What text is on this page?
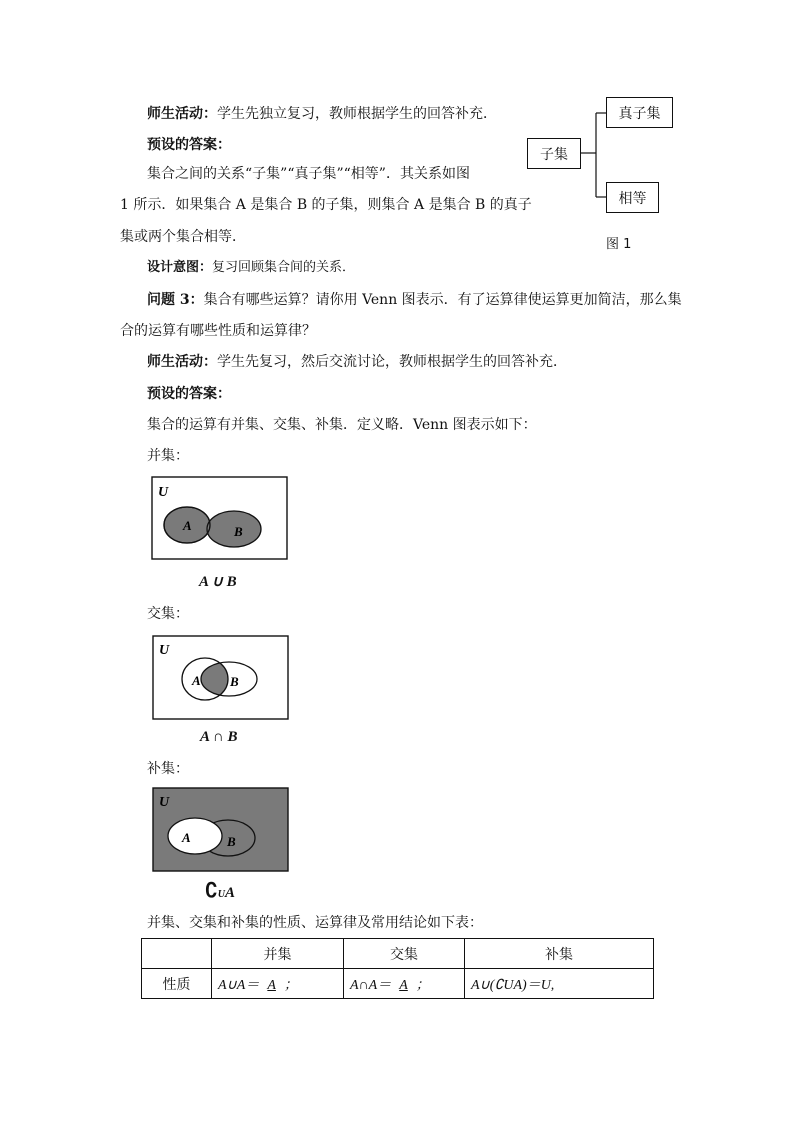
师生活动：学生先独立复习，教师根据学生的回答补充．
预设的答案：
集合之间的关系“子集”“真子集”“相等”．其关系如图
1 所示．如果集合 A 是集合 B 的子集，则集合 A 是集合 B 的真子
集或两个集合相等．
子集
真子集
相等
图 1
设计意图：复习回顾集合间的关系．
问题 3：集合有哪些运算？请你用 Venn 图表示．有了运算律使运算更加简洁，那么集
合的运算有哪些性质和运算律？
师生活动：学生先复习，然后交流讨论，教师根据学生的回答补充．
预设的答案：
集合的运算有并集、交集、补集．定义略．Venn 图表示如下：
并集：
U
A	B
A ∪ B
交集：
U
A B
A ∩ B
补集：
U
A	B
∁UA
并集、交集和补集的性质、运算律及常用结论如下表：
	并集	交集	补集
性质	A∪A＝ A ；	A∩A＝ A ；	A∪(∁UA)＝U,
